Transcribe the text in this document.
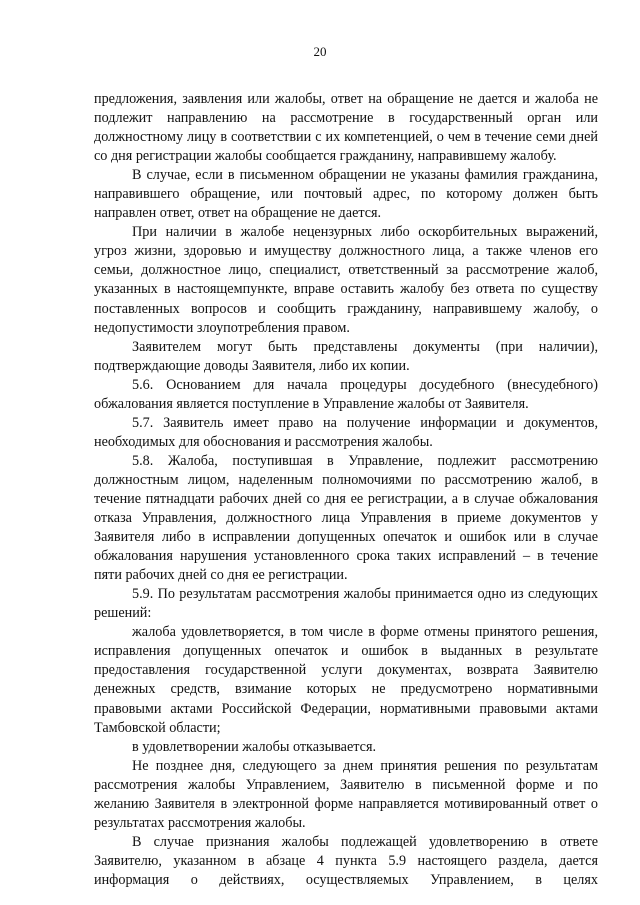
20

предложения, заявления или жалобы, ответ на обращение не дается и жалоба не подлежит направлению на рассмотрение в государственный орган или должностному лицу в соответствии с их компетенцией, о чем в течение семи дней со дня регистрации жалобы сообщается гражданину, направившему жалобу.

В случае, если в письменном обращении не указаны фамилия гражданина, направившего обращение, или почтовый адрес, по которому должен быть направлен ответ, ответ на обращение не дается.

При наличии в жалобе нецензурных либо оскорбительных выражений, угроз жизни, здоровью и имуществу должностного лица, а также членов его семьи, должностное лицо, специалист, ответственный за рассмотрение жалоб, указанных в настоящемпункте, вправе оставить жалобу без ответа по существу поставленных вопросов и сообщить гражданину, направившему жалобу, о недопустимости злоупотребления правом.

Заявителем могут быть представлены документы (при наличии), подтверждающие доводы Заявителя, либо их копии.

5.6. Основанием для начала процедуры досудебного (внесудебного) обжалования является поступление в Управление жалобы от Заявителя.

5.7. Заявитель имеет право на получение информации и документов, необходимых для обоснования и рассмотрения жалобы.

5.8. Жалоба, поступившая в Управление, подлежит рассмотрению должностным лицом, наделенным полномочиями по рассмотрению жалоб, в течение пятнадцати рабочих дней со дня ее регистрации, а в случае обжалования отказа Управления, должностного лица Управления в приеме документов у Заявителя либо в исправлении допущенных опечаток и ошибок или в случае обжалования нарушения установленного срока таких исправлений – в течение пяти рабочих дней со дня ее регистрации.

5.9. По результатам рассмотрения жалобы принимается одно из следующих решений:

жалоба удовлетворяется, в том числе в форме отмены принятого решения, исправления допущенных опечаток и ошибок в выданных в результате предоставления государственной услуги документах, возврата Заявителю денежных средств, взимание которых не предусмотрено нормативными правовыми актами Российской Федерации, нормативными правовыми актами Тамбовской области;

в удовлетворении жалобы отказывается.

Не позднее дня, следующего за днем принятия решения по результатам рассмотрения жалобы Управлением, Заявителю в письменной форме и по желанию Заявителя в электронной форме направляется мотивированный ответ о результатах рассмотрения жалобы.

В случае признания жалобы подлежащей удовлетворению в ответе Заявителю, указанном в абзаце 4 пункта 5.9 настоящего раздела, дается информация о действиях, осуществляемых Управлением, в целях
